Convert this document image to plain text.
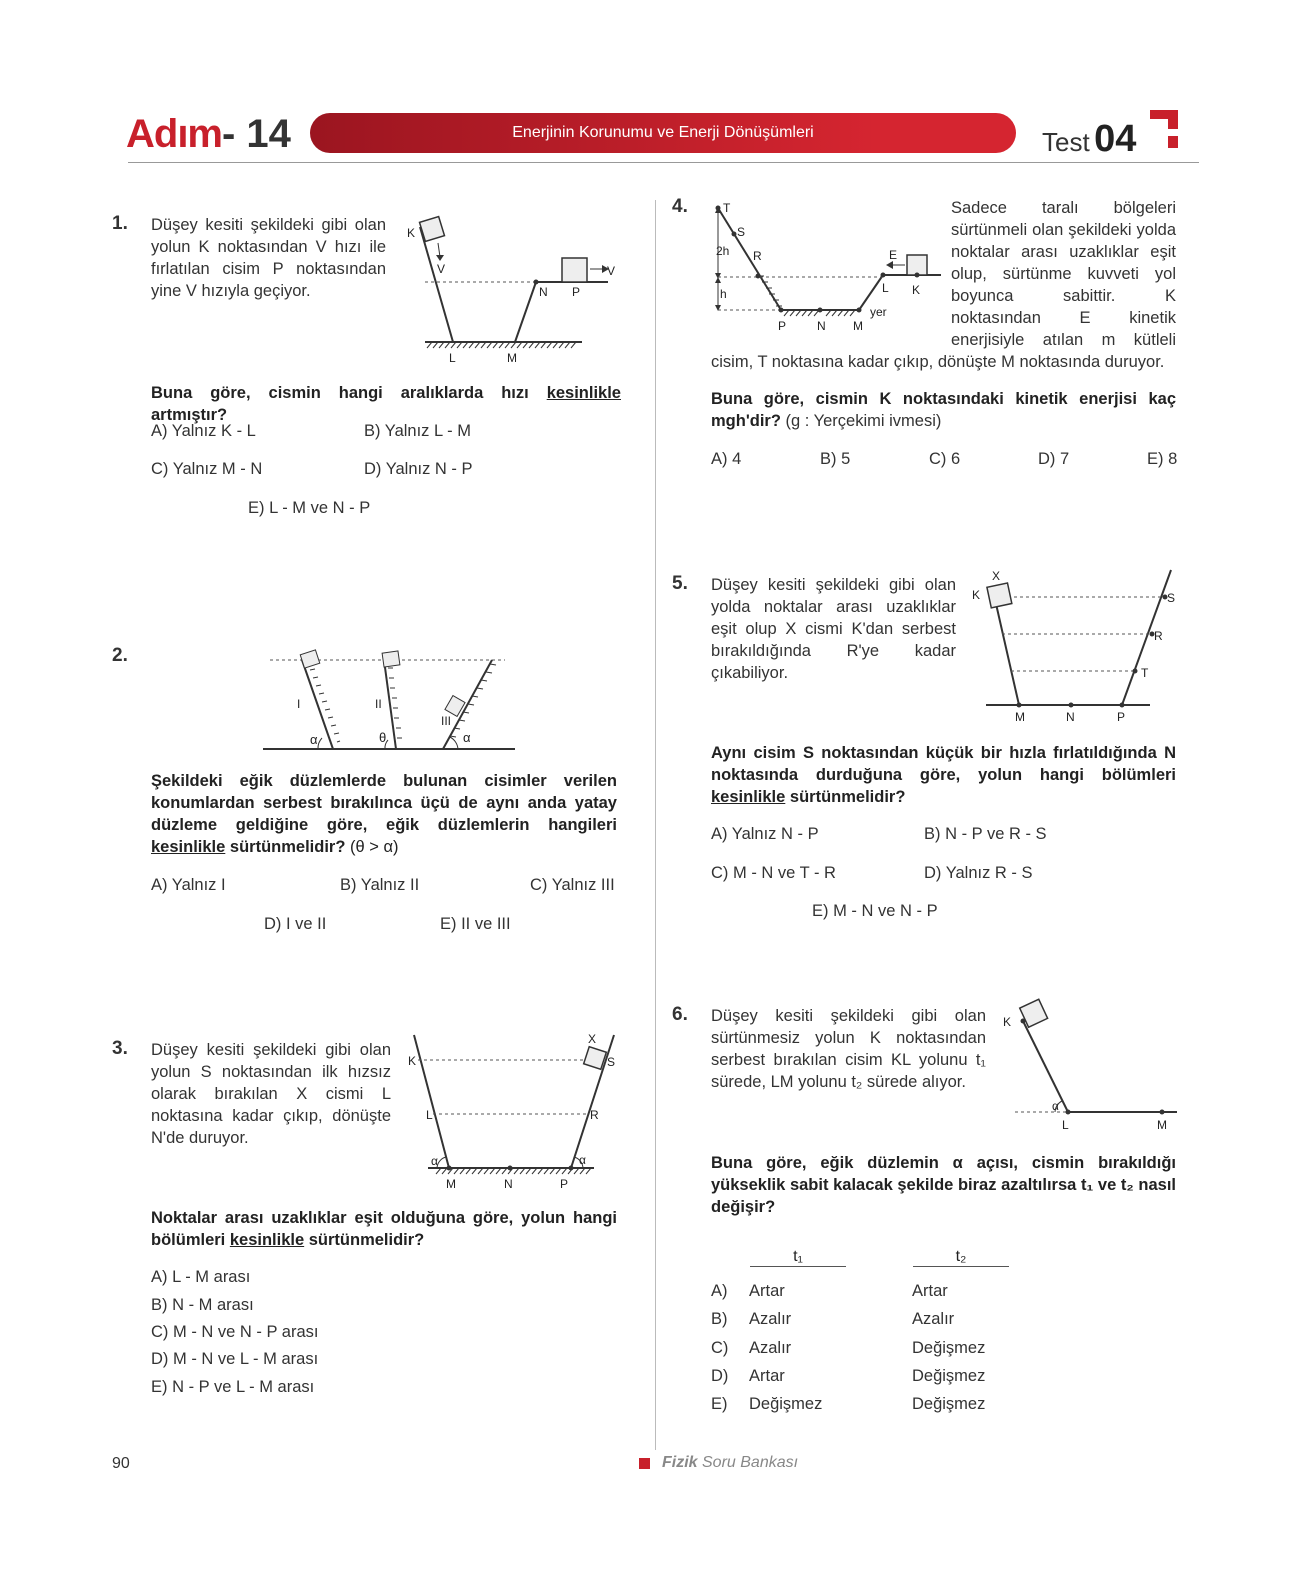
Adım- 14	Enerjinin Korunumu ve Enerji Dönüşümleri	Test 04
1. Düşey kesiti şekildeki gibi olan yolun K noktasından V hızı ile fırlatılan cisim P noktasından yine V hızıyla geçiyor.
K
V	V
N P
L	M
Buna göre, cismin hangi aralıklarda hızı kesinlikle artmıştır?
A) Yalnız K - L	B) Yalnız L - M
C) Yalnız M - N	D) Yalnız N - P
E) L - M ve N - P
2.
I	II
III
α	θ	α
Şekildeki eğik düzlemlerde bulunan cisimler verilen konumlardan serbest bırakılınca üçü de aynı anda yatay düzleme geldiğine göre, eğik düzlemlerin hangileri kesinlikle sürtünmelidir? (θ > α)
A) Yalnız I	B) Yalnız II	C) Yalnız III
D) I ve II	E) II ve III
3. Düşey kesiti şekildeki gibi olan yolun S noktasından ilk hızsız olarak bırakılan X cismi L noktasına kadar çıkıp, dönüşte N'de duruyor.
K
L
X
S
R
M	N	P
α	α
Noktalar arası uzaklıklar eşit olduğuna göre, yolun hangi bölümleri kesinlikle sürtünmelidir?
A) L - M arası
B) N - M arası
C) M - N ve N - P arası
D) M - N ve L - M arası
E) N - P ve L - M arası
4.	T
S
R
2h
h
E
L K
P	N M
yer
Sadece taralı bölgeleri sürtünmeli olan şekildeki yolda noktalar arası uzaklıklar eşit olup, sürtünme kuvveti yol boyunca sabittir. K noktasından E kinetik enerjisiyle atılan m kütleli cisim, T noktasına kadar çıkıp, dönüşte M noktasında duruyor.
Buna göre, cismin K noktasındaki kinetik enerjisi kaç mgh'dir? (g : Yerçekimi ivmesi)
A) 4	B) 5	C) 6	D) 7	E) 8
5. Düşey kesiti şekildeki gibi olan yolda noktalar arası uzaklıklar eşit olup X cismi K'dan serbest bırakıldığında R'ye kadar çıkabiliyor.
X
K	S
R
T
M	N	P
Aynı cisim S noktasından küçük bir hızla fırlatıldığında N noktasında durduğuna göre, yolun hangi bölümleri kesinlikle sürtünmelidir?
A) Yalnız N - P	B) N - P ve R - S
C) M - N ve T - R	D) Yalnız R - S
E) M - N ve N - P
6. Düşey kesiti şekildeki gibi olan sürtünmesiz yolun K noktasından serbest bırakılan cisim KL yolunu t₁ sürede, LM yolunu t₂ sürede alıyor.
K
α
L	M
Buna göre, eğik düzlemin α açısı, cismin bırakıldığı yükseklik sabit kalacak şekilde biraz azaltılırsa t₁ ve t₂ nasıl değişir?
t₁	t₂
A) Artar	Artar
B) Azalır	Azalır
C) Azalır	Değişmez
D) Artar	Değişmez
E) Değişmez	Değişmez
90	Fizik Soru Bankası
